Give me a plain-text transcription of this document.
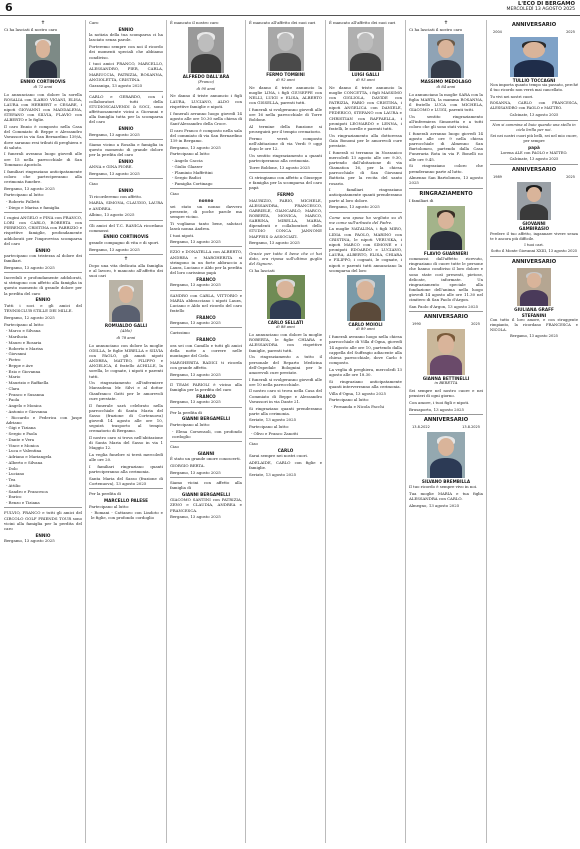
6	L'ECO DI BERGAMO
MERCOLEDÌ 13 AGOSTO 2025
✝

Ci ha lasciati il nostro caro

ENNIO CORTINOVIS
di 72 anni

Lo annunciano con dolore la sorella ROSALIA con ILARIO VIGANI, ELISA, LAURA con HERBERT e CESARE, i nipoti GIOVANNI con MADDALENA, STEFANO con SILVIA, FLAVIO con ALBERTO e le figlie.

Il caro Ennio è composto nella Casa del Commiato di Beppe e Alessandro Vavassori in via San Bernardino 139/A, dove saranno resi tributi di preghiera e di saluto.

I funerali avranno luogo giovedì alle ore 15 nella parrocchiale di San Tommaso Apostolo.

I familiari ringraziano anticipatamente coloro che parteciperanno alla cerimonia funebre.

Bergamo, 13 agosto 2025

Partecipano al lutto:

- Roberto Falletti

- Diego e Marisa e famiglia

I cugini ANGELO e PINA con FRANCO, LORI con CARLO, ROBERTA con PIERENZO, CRISTINA con FABRIZIO e rispettive famiglie, profondamente addolorati per l'improvvisa scomparsa del caro

ENNIO

partecipano con tristezza al dolore dei familiari.

Bergamo, 13 agosto 2025

Increduli e profondamente addolorati, si stringono con affetto alla famiglia in questo momento di grande dolore per la perdita del caro

ENNIO

Tutti i soci e gli amici del TENNISCLUB STILLE DEI MILLE.

Bergamo, 12 agosto 2025

Partecipano al lutto:

- Marco e Silvana

- Marilucia

- Mauro e Rosaria

- Roberto e Marisa

- Giovanni

- Pietro

- Beppe e Ave

- Ezio e Giovanna

- Mario

- Maurizio e Raffaella

- Clara

- Franco e Susanna

- Paola

- Angelo e Monica

- Antonio e Giovanna

- Riccardo e Federica con Jaspe Adriano

- Gigi e Tiziana

- Sergio e Paola

- Dante e Vera

- Vince e Monica

- Luca e Valentina

- Adriano e Mariangela

- Alberto e Silvana

- Dolo

- Luciano

- Tea

- Attilio

- Sandro e Francesca

- Enrico

- Renzo e Tiziana

FULVIO, FRANCO e tutti gli amici del CIRCOLO GOLF FRIENDS TOUR sono vicini alla famiglia per la perdita del caro

ENNIO

Bergamo, 13 agosto 2025

Caro

ENNIO

la notizia della tua scomparsa ci ha lasciato senza parole.

Porteremo sempre con noi il ricordo dei momenti speciali che abbiamo condiviso.

I tuoi amici FRANCO, MARCELLO, ALESSANDRO, PIER, CARLA, MARIUCCIA, PATRIZIA, ROSANNA, ANGIOLETTA, CRISTINA.

Gazzaniga, 13 agosto 2025

CARLO e GERARDO, con i collaboratori tutti della STUDIOSCALVENDI & SOCI, sono affettuosamente vicini a Giovanni e alla famiglia tutta per la scomparsa del caro

ENNIO

Bergamo, 13 agosto 2025

Siamo vicino a Rosalia e famiglia in questo momento di grande dolore per la perdita del caro

ENNIO

ANNA e GINA FIORE.

Bergamo, 13 agosto 2025

Ciao

ENNIO

Ti ricorderemo con affetto.

MARIA, SIMONA, CLAUDIO, LAURA e ANDREA.

Albino, 13 agosto 2025

Gli amici del T.C. RANICA ricordano commossi

ENNIO CORTINOVIS

grande compagno di vita e di sport.

Bergamo, 13 agosto 2025

✝

Dopo una vita dedicata alla famiglia e al lavoro, è mancato all'affetto dei suoi cari

ROMUALDO GALLI
(Aldo)
di 78 anni

Lo annunciano con dolore la moglie ODILLA, le figlie MIRELLA e SILVIA con PAOLO, gli amati nipoti ANDREA, MATTEO, FILIPPO e ANGELICA, il fratello ACHILLE, la sorella, le cognate, i nipoti e parenti tutti.

Un ringraziamento all'infermiere Marzadena Mr. Silvi e al dottor Gianfranco Gatti per le amorevoli cure prestate.

Il funerale sarà celebrato nella parrocchiale di Santa Maria del Sasso (frazione di Cortenuova) giovedì 14 agosto alle ore 10, seguirà trasporto al tempio crematorio di Bergamo.

Il nostro caro si trova nell'abitazione di Santa Maria del Sasso in via 1 Maggio 12.

La veglia funebre si terrà mercoledì alle ore 20.

I familiari ringraziano quanti parteciperanno alla cerimonia.

Santa Maria del Sasso (frazione di Cortenuova), 13 agosto 2025

Per la perdita di

MARCELLO PALESE

Partecipano al lutto:

- Romani - Cattaneo con Lindoto e le figlie, con profondo cordoglio

È mancato il nostro caro

ALFREDO DALL'ARA
(Franco)
di 90 anni

Ne danno il triste annuncio i figli LAURA, LUCIANO, ALDO con rispettive famiglie e nipoti.

I funerali avranno luogo giovedì 14 agosto alle ore 10.30 nella chiesa di Sant'Alessandro della Croce.

Il caro Franco è composto nella sala del commiato di via San Bernardino 139 in Bergamo.

Bergamo, 13 agosto 2025

Partecipano al lutto:

- Angelo Caccia

- Giulio Glazzer

- Flaminio Maffettini

- Sergio Badici

- Famiglia Cortinago

Ciao

nonno

sei stato un nonno davvero presente, di poche parole ma sempre vicino.

Ti vogliamo tanto bene, salutaci lassù nonna Andrea.

I tuoi nipoti.

Bergamo, 13 agosto 2025

EZIO e DONATELLA con ALBERTO, ANDREA e MARGHERITA si stringono in un forte abbraccio a Laura, Luciano e Aldo per la perdita del loro carissimo papà

FRANCO

Bergamo, 13 agosto 2025

SANDRO con CARLA, VITTORIO e MARIA abbracciano i nipoti Laura, Luciano e Aldo nel ricordo del caro fratello

FRANCO

Bergamo, 13 agosto 2025

Carissimo

FRANCO

ora sei con Camillo e tutti gli amici della notte a correre nelle montagne del Cielo.

MARGHERITA RADICI ti ricorda con grande affetto.

Bergamo, 13 agosto 2025

Il TEAM FARIOLI è vicino alla famiglia per la perdita del caro

FRANCO

Bergamo, 13 agosto 2025

Per la perdita di

GIANNI BERGAMELLI

Partecipano al lutto:

- Elena Corsensoli, con profondo cordoglio

Ciao

GIANNI

È stato un grande onore conoscerti.

GIORGIO BERTA.

Bergamo, 13 agosto 2025

Siamo vicini con affetto alla famiglia di

GIANNI BERGAMELLI

GIACOMO SANTINI con PATRIZIA, ZENO e CLAUDIA, ANDREA e FRANCESCA.

Bergamo, 13 agosto 2025

È mancato all'affetto dei suoi cari

FERMO TOMBINI
di 92 anni

Ne danno il triste annuncio la moglie LINA, i figli GIUSEPPE con NELLI, LUIGI e ELISA, ALBERTO con GISSELLA, parenti tutti.

I funerali si svolgeranno giovedì alle ore 16 nella parrocchiale di Torre Boldone.

Al termine della funzione si proseguirà per il tempio crematorio.

Fermo verrà composto nell'abitazione di via Verdi 9 oggi dopo le ore 12.

Un sentito ringraziamento a quanti parteciperanno alla cerimonia.

Torre Boldone, 13 agosto 2025

Ci stringiamo con affetto a Giuseppe e famiglia per la scomparsa del caro papà

FERMO

MAURIZIO, FABIO, MICHELE, ALESSANDRA, FRANCESCO, GABRIELE, GIANCARLO, MARCO, ROBERTA, MONICA, MARCO, SABRINA, MIRELLA, MARIA, dipendenti e collaboratori dello STUDIO CONCA JANNONE MAFFEIS & ASSOCIATI.

Bergamo, 13 agosto 2025

Grazie per tutto il bene che ci hai dato, ora riposa sull'ultima guglia del Signore.

Ci ha lasciati

CARLO SELLATI
di 88 anni

Lo annunciano con dolore la moglie ROBERTA, le figlie CHIARA e ALESSANDRA con rispettive famiglie, parenti tutti.

Un ringraziamento a tutto il personale del Reparto Medicina dell'Ospedale Bolognini per le amorevoli cure prestate.

I funerali si svolgeranno giovedì alle ore 10 nella parrocchiale.

Il nostro caro si trova nella Casa del Commiato di Beppe e Alessandro Vavassori in via Dante 21.

Si ringraziano quanti prenderanno parte alla cerimonia.

Seriate, 13 agosto 2025

Partecipano al lutto:

- Olivo e Franco Zanotti

Ciao

CARLO

Sarai sempre nei nostri cuori.

ADELAIDE, CARLO con figlie e famiglie.

Seriate, 13 agosto 2025

È mancato all'affetto dei suoi cari

LUIGI GALLI
di 93 anni

Ne danno il triste annuncio la moglie CONCETTA, i figli MASSIMO con GIGLIOLA, DAVIDE con PATRIZIA, FABIO con CRISTINA, i nipoti ANGELICA con DANIELE, FEDERICO, STEFANO con LAURA e CHRISTIAN con RAFFAELLA, i pronipoti LEONARDO e LENNA, i fratelli, le sorelle e parenti tutti.

Un ringraziamento alla dottoressa Gaia Bonomi per le amorevoli cure prestate.

I funerali si terranno in Nozzanico mercoledì 13 agosto alle ore 9.30, partendo dall'abitazione di via Giamatica 16, per la chiesa parrocchiale di San Giovanni Battista per la recita del santo rosario.

I familiari ringraziano anticipatamente quanti prenderanno parte al loro dolore.

Bergamo, 13 agosto 2025

Come una sposa ha vegliato su di me come sull'arbusto del Padre.

La moglie NATALINA, i figli MIRO, LIDIA con PAOLO, MARINO con CRISTINA, le nipoti VERUSKA, i nipoti MARCO con SIMONE e i pronipoti EDOARDO e LUCIANO, LAURA, ALBERTO, ELISA, CHIARA e FILIPPO, i cognati, le cognate, i nipoti e parenti tutti annunciano la scomparsa del loro

CARLO MOIOLI
di 89 anni

I funerali avranno luogo nella chiesa parrocchiale di Villa d'Ogna, giovedì 14 agosto alle ore 10, partendo dalla cappella del Suffragio adiacente alla chiesa parrocchiale, dove Carlo è composto.

La veglia di preghiera, mercoledì 13 agosto alle ore 18.30.

Si ringraziano anticipatamente quanti interverranno alla cerimonia.

Villa d'Ogna, 13 agosto 2025

Partecipano al lutto:

- Fernanda e Nicola Facchi

✝

Ci ha lasciati il nostro caro

MASSIMO MEDOLAGO
di 84 anni

Lo annunciano la moglie SARA con la figlia MARTA, la mamma ROSANNA, il fratello LUCA con MICHELA, GIACOMO e LUIGI, parenti tutti.

Un sentito ringraziamento all'infermiera Simonetta e a tutti coloro che gli sono stati vicini.

I funerali avranno luogo giovedì 14 agosto alle ore 9 nella chiesa parrocchiale di Almenno San Bartolomeo, partendo dalla Casa Funeraria Rota in via F. Bonelli no alle ore 9.45.

Si ringraziano coloro che prenderanno parte al lutto.

Almenno San Bartolomeo, 13 agosto 2025

RINGRAZIAMENTO

I familiari di

FLAVIO GUARNIERI

commossi dall'affetto ricevuto, ringraziano di cuore tutte le persone che hanno condiviso il loro dolore e sono state così presenti, pietose, delicate, informate. Un ringraziamento speciale alla fondazione dell'anima nella luogo giovedì 14 agosto alle ore 11.30 nel cimitero di San Paolo d'Argon.

San Paolo d'Argon, 13 agosto 2025

ANNIVERSARIO
1990	2025
GIANNA BETTINELLI
in BERETTA

Sei sempre nel nostro cuore e nei pensieri di ogni giorno.

Con amore, i tuoi figli e nipoti.

Brusaporto, 13 agosto 2025

ANNIVERSARIO
13.8.2022	13.8.2025
SILVANO BREMBILLA

Il tuo ricordo è sempre vivo in noi.

Tua moglie MARIA e tua figlia ALESSANDRA con CARLO.

Almegno, 13 agosto 2025

ANNIVERSARIO
2004	2025
TULLIO TOCCAGNI

Non importa quanto tempo sia passato, perché il tuo ricordo non verrà mai cancellato.

Tu vivi nei nostri cuori.

ROSANNA, CARLO con FRANCESCA, ALESSANDRO con PAOLO e MATTEO.

Calcinate, 13 agosto 2025

Non si cammina al buio quando una stella in cielo brilla per noi.

Sei nei nostri cuori più belli, sei nel mio cuore, per sempre

papà

Lorena ALE con PAOLO e MATTEO.

Calcinate, 13 agosto 2025

ANNIVERSARIO
1989	2025
GIOVANNI
GAMBIRASIO

Perdere il tuo affetto, ingannare vivere senza te è ancora più difficile.

I tuoi cari.

Sotto il Monte Giovanni XXIII, 13 agosto 2025

ANNIVERSARIO
GIULIANA GRAFF
STEFANINI

Con tutto il loro amore, e con struggente rimpianto, la ricordano FRANCESCA e NICOLA.

Bergamo, 13 agosto 2025
